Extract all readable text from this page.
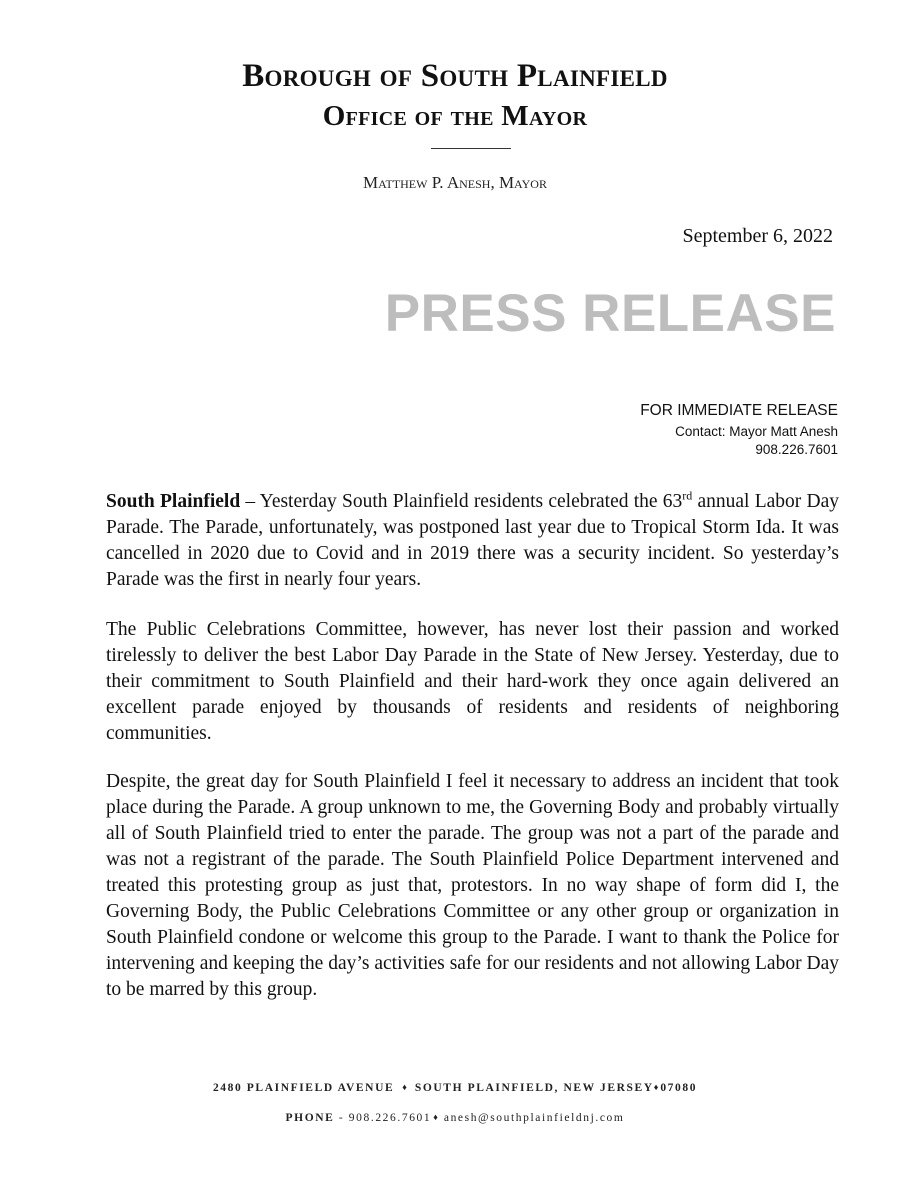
Borough of South Plainfield
Office of the Mayor
Matthew P. Anesh, Mayor
September 6, 2022
PRESS RELEASE
FOR IMMEDIATE RELEASE
Contact: Mayor Matt Anesh
908.226.7601

South Plainfield – Yesterday South Plainfield residents celebrated the 63rd annual Labor Day Parade. The Parade, unfortunately, was postponed last year due to Tropical Storm Ida. It was cancelled in 2020 due to Covid and in 2019 there was a security incident. So yesterday’s Parade was the first in nearly four years.

The Public Celebrations Committee, however, has never lost their passion and worked tirelessly to deliver the best Labor Day Parade in the State of New Jersey. Yesterday, due to their commitment to South Plainfield and their hard-work they once again delivered an excellent parade enjoyed by thousands of residents and residents of neighboring communities.

Despite, the great day for South Plainfield I feel it necessary to address an incident that took place during the Parade. A group unknown to me, the Governing Body and probably virtually all of South Plainfield tried to enter the parade. The group was not a part of the parade and was not a registrant of the parade. The South Plainfield Police Department intervened and treated this protesting group as just that, protestors. In no way shape of form did I, the Governing Body, the Public Celebrations Committee or any other group or organization in South Plainfield condone or welcome this group to the Parade. I want to thank the Police for intervening and keeping the day’s activities safe for our residents and not allowing Labor Day to be marred by this group.

2480 PLAINFIELD AVENUE ♦ SOUTH PLAINFIELD, NEW JERSEY♦ 07080
PHONE - 908.226.7601 ♦ anesh@southplainfieldnj.com
